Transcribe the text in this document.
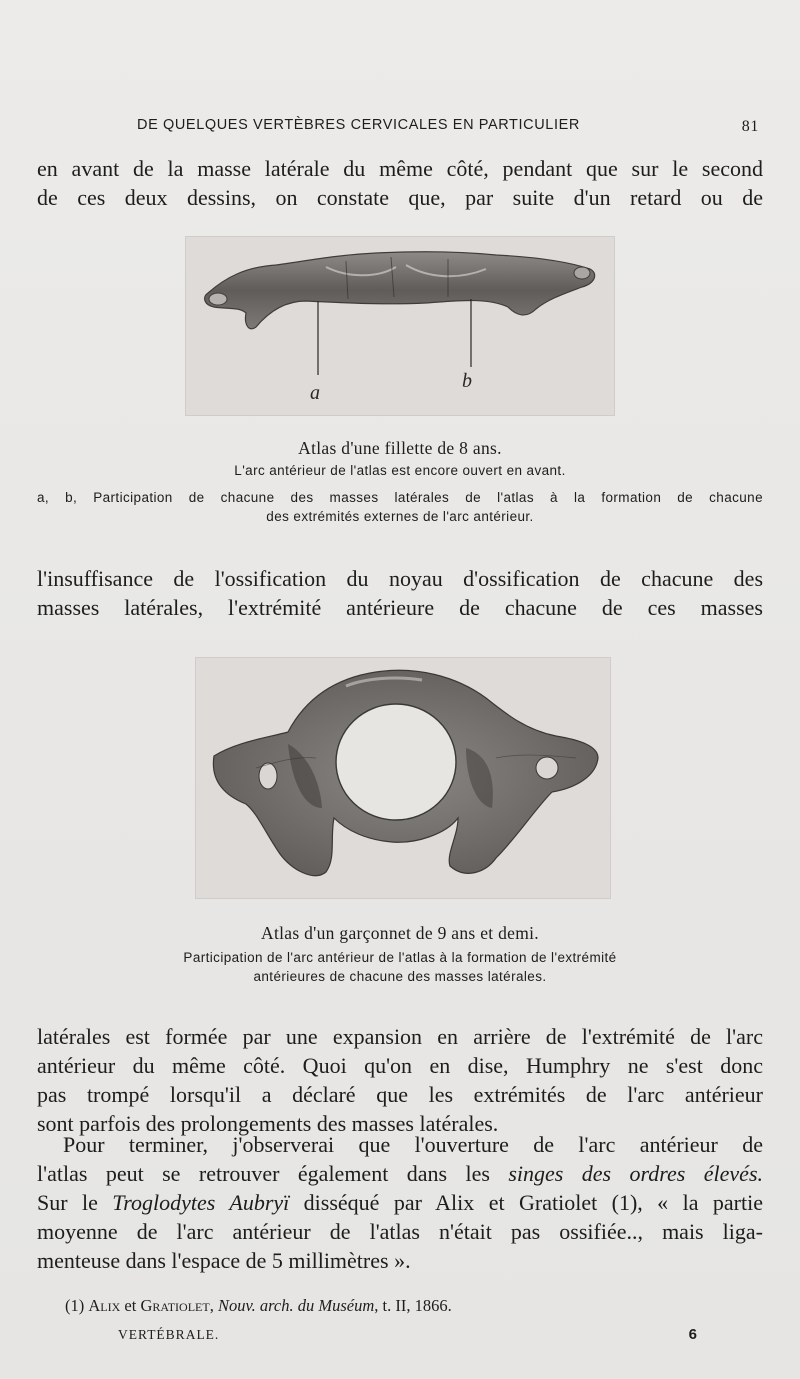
DE QUELQUES VERTÈBRES CERVICALES EN PARTICULIER	81
en avant de la masse latérale du même côté, pendant que sur le second
de ces deux dessins, on constate que, par suite d'un retard ou de
a
b
Atlas d'une fillette de 8 ans.
L'arc antérieur de l'atlas est encore ouvert en avant.
a, b, Participation de chacune des masses latérales de l'atlas à la formation de chacune
des extrémités externes de l'arc antérieur.
l'insuffisance de l'ossification du noyau d'ossification de chacune des
masses latérales, l'extrémité antérieure de chacune de ces masses
Atlas d'un garçonnet de 9 ans et demi.
Participation de l'arc antérieur de l'atlas à la formation de l'extrémité
antérieures de chacune des masses latérales.
latérales est formée par une expansion en arrière de l'extrémité de l'arc
antérieur du même côté. Quoi qu'on en dise, Humphry ne s'est donc
pas trompé lorsqu'il a déclaré que les extrémités de l'arc antérieur
sont parfois des prolongements des masses latérales.
Pour terminer, j'observerai que l'ouverture de l'arc antérieur de
l'atlas peut se retrouver également dans les singes des ordres élevés.
Sur le Troglodytes Aubryï disséqué par Alix et Gratiolet (1), « la partie
moyenne de l'arc antérieur de l'atlas n'était pas ossifiée.., mais liga-
menteuse dans l'espace de 5 millimètres ».
(1) Alix et Gratiolet, Nouv. arch. du Muséum, t. II, 1866.
VERTÉBRALE.	6
